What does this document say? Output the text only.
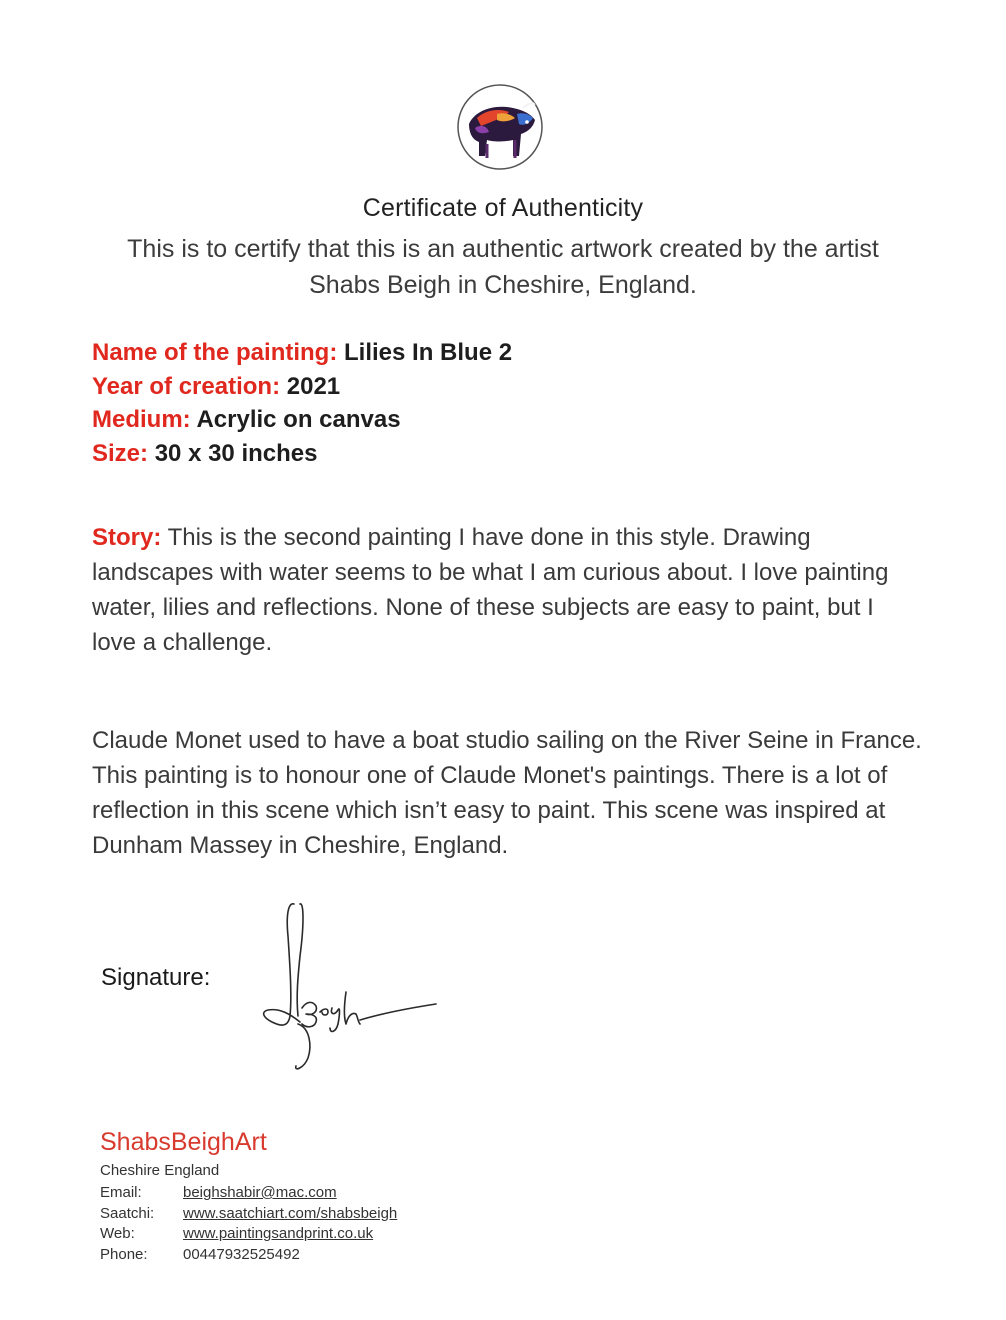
Certificate of Authenticity
This is to certify that this is an authentic artwork created by the artist
Shabs Beigh in Cheshire, England.
Name of the painting: Lilies In Blue 2
Year of creation: 2021
Medium: Acrylic on canvas
Size: 30 x 30 inches
Story: This is the second painting I have done in this style. Drawing landscapes with water seems to be what I am curious about. I love painting water, lilies and reflections. None of these subjects are easy to paint, but I love a challenge.
Claude Monet used to have a boat studio sailing on the River Seine in France. This painting is to honour one of Claude Monet's paintings. There is a lot of reflection in this scene which isn’t easy to paint. This scene was inspired at Dunham Massey in Cheshire, England.
Signature:
ShabsBeighArt
Cheshire England
Email:	beighshabir@mac.com
Saatchi:	www.saatchiart.com/shabsbeigh
Web:	www.paintingsandprint.co.uk
Phone:	00447932525492
